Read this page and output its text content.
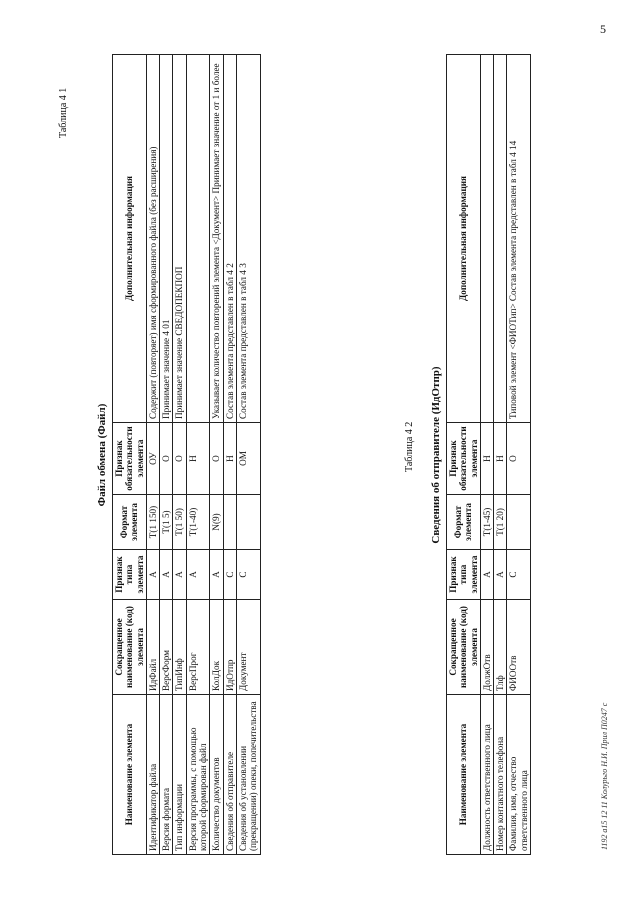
5
Таблица 4 1
Файл обмена (Файл)
Наименование элемента	Сокращенное наименование (код) элемента	Признак типа элемента	Формат элемента	Признак обязательности элемента	Дополнительная информация
Идентификатор файла	ИдФайл	А	Т(1 150)	ОУ	Содержит (повторяет) имя сформированного файла (без расширения)
Версия формата	ВерсФорм	А	Т(1 5)	О	Принимает значение 4 01
Тип информации	ТипИнф	А	Т(1 50)	О	Принимает значение СВЕДОПЕКПОП
Версия программы, с помощью которой сформирован файл	ВерсПрог	А	Т(1-40)	Н	
Количество документов	КолДок	А	N(9)	О	Указывает количество повторений элемента <Документ> Принимает значение от 1 и более
Сведения об отправителе	ИдОтпр	С		Н	Состав элемента представлен в табл 4 2
Сведения об установлении (прекращении) опеки, попечительства	Документ	С		ОМ	Состав элемента представлен в табл 4 3
Таблица 4 2 Сведения об отправителе (ИдОтпр)
Наименование элемента	Сокращенное наименование (код) элемента	Признак типа элемента	Формат элемента	Признак обязательности элемента	Дополнительная информация
Должность ответственного лица	ДолжОтв	А	Т(1-45)	Н	
Номер контактного телефона	Тлф	А	Т(1 20)	Н	
Фамилия, имя, отчество ответственного лица	ФИООтв	С		О	Типовой элемент <ФИОТип> Состав элемента представлен в табл 4 14
1192 а15 12 11 Колурьго Н.И. Прил П0247 с
